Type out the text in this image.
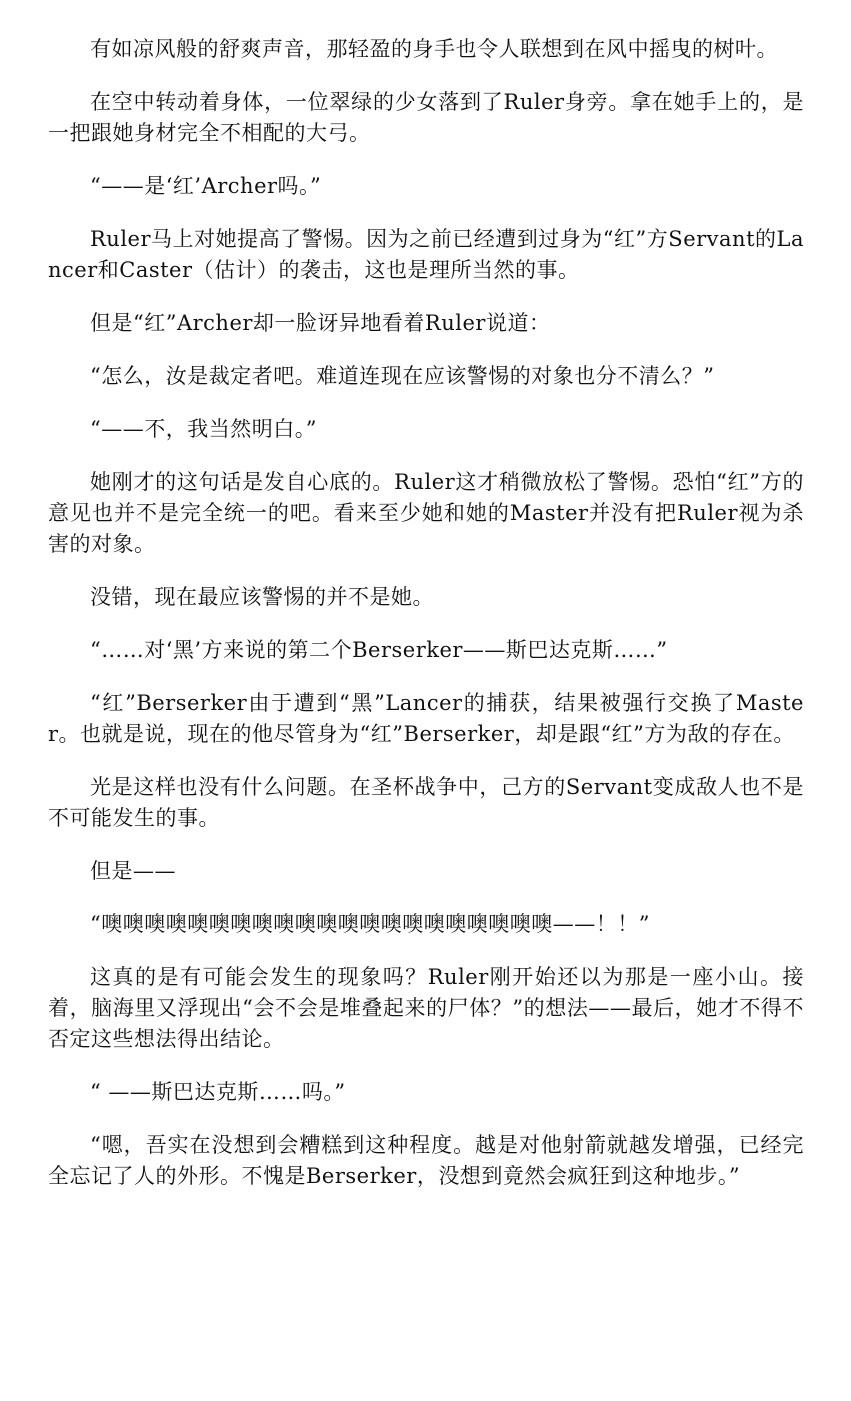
有如凉风般的舒爽声音，那轻盈的身手也令人联想到在风中摇曳的树叶。

在空中转动着身体，一位翠绿的少女落到了Ruler身旁。拿在她手上的，是一把跟她身材完全不相配的大弓。

“——是‘红’Archer吗。”

Ruler马上对她提高了警惕。因为之前已经遭到过身为“红”方Servant的Lancer和Caster（估计）的袭击，这也是理所当然的事。

但是“红”Archer却一脸讶异地看着Ruler说道：

“怎么，汝是裁定者吧。难道连现在应该警惕的对象也分不清么？”

“——不，我当然明白。”

她刚才的这句话是发自心底的。Ruler这才稍微放松了警惕。恐怕“红”方的意见也并不是完全统一的吧。看来至少她和她的Master并没有把Ruler视为杀害的对象。

没错，现在最应该警惕的并不是她。

“……对‘黑’方来说的第二个Berserker——斯巴达克斯……”

“红”Berserker由于遭到“黑”Lancer的捕获，结果被强行交换了Master。也就是说，现在的他尽管身为“红”Berserker，却是跟“红”方为敌的存在。

光是这样也没有什么问题。在圣杯战争中，己方的Servant变成敌人也不是不可能发生的事。

但是——

“噢噢噢噢噢噢噢噢噢噢噢噢噢噢噢噢噢噢噢噢噢——！！”

这真的是有可能会发生的现象吗？Ruler刚开始还以为那是一座小山。接着，脑海里又浮现出“会不会是堆叠起来的尸体？”的想法——最后，她才不得不否定这些想法得出结论。

“ ——斯巴达克斯……吗。”

“嗯，吾实在没想到会糟糕到这种程度。越是对他射箭就越发增强，已经完全忘记了人的外形。不愧是Berserker，没想到竟然会疯狂到这种地步。”
